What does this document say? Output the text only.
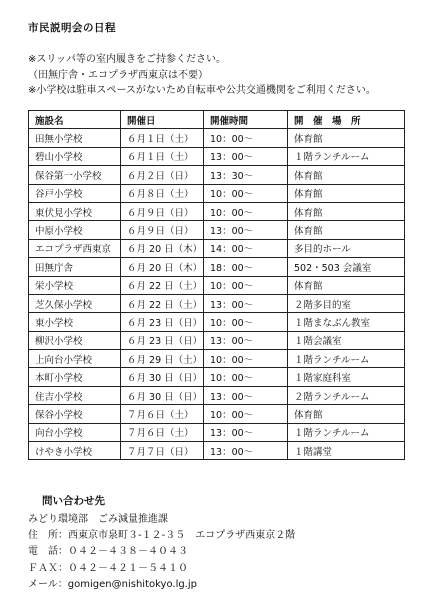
市民説明会の日程
※スリッパ等の室内履きをご持参ください。
（田無庁舎・エコプラザ西東京は不要）
※小学校は駐車スペースがないため自転車や公共交通機関をご利用ください。
施設名	開催日	開催時間	開　催　場　所
田無小学校	６月１日（土）	10：00～	体育館
碧山小学校	６月１日（土）	13：00～	１階ランチルーム
保谷第一小学校	６月２日（日）	13：30～	体育館
谷戸小学校	６月８日（土）	10：00～	体育館
東伏見小学校	６月９日（日）	10：00～	体育館
中原小学校	６月９日（日）	13：00～	体育館
エコプラザ西東京	６月 20 日（木）	14：00～	多目的ホール
田無庁舎	６月 20 日（木）	18：00～	502・503 会議室
栄小学校	６月 22 日（土）	10：00～	体育館
芝久保小学校	６月 22 日（土）	13：00～	２階多目的室
東小学校	６月 23 日（日）	10：00～	１階まなぶん教室
柳沢小学校	６月 23 日（日）	13：00～	１階会議室
上向台小学校	６月 29 日（土）	10：00～	１階ランチルーム
本町小学校	６月 30 日（日）	10：00～	１階家庭科室
住吉小学校	６月 30 日（日）	13：00～	２階ランチルーム
保谷小学校	７月６日（土）	10：00～	体育館
向台小学校	７月６日（土）	13：00～	１階ランチルーム
けやき小学校	７月７日（日）	13：00～	１階講堂
問い合わせ先
みどり環境部　ごみ減量推進課
住　所：西東京市泉町３-１２-３５　エコプラザ西東京２階
電　話：０４２－４３８－４０４３
ＦＡＸ：０４２－４２１－５４１０
メール：gomigen@nishitokyo.lg.jp
